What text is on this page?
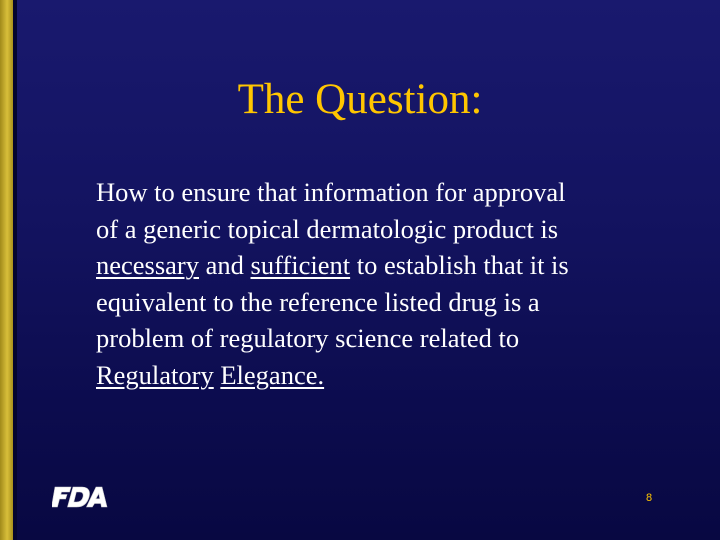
The Question:

How to ensure that information for approval
of a generic topical dermatologic product is
necessary and sufficient to establish that it is
equivalent to the reference listed drug is a
problem of regulatory science related to
Regulatory Elegance.

8
